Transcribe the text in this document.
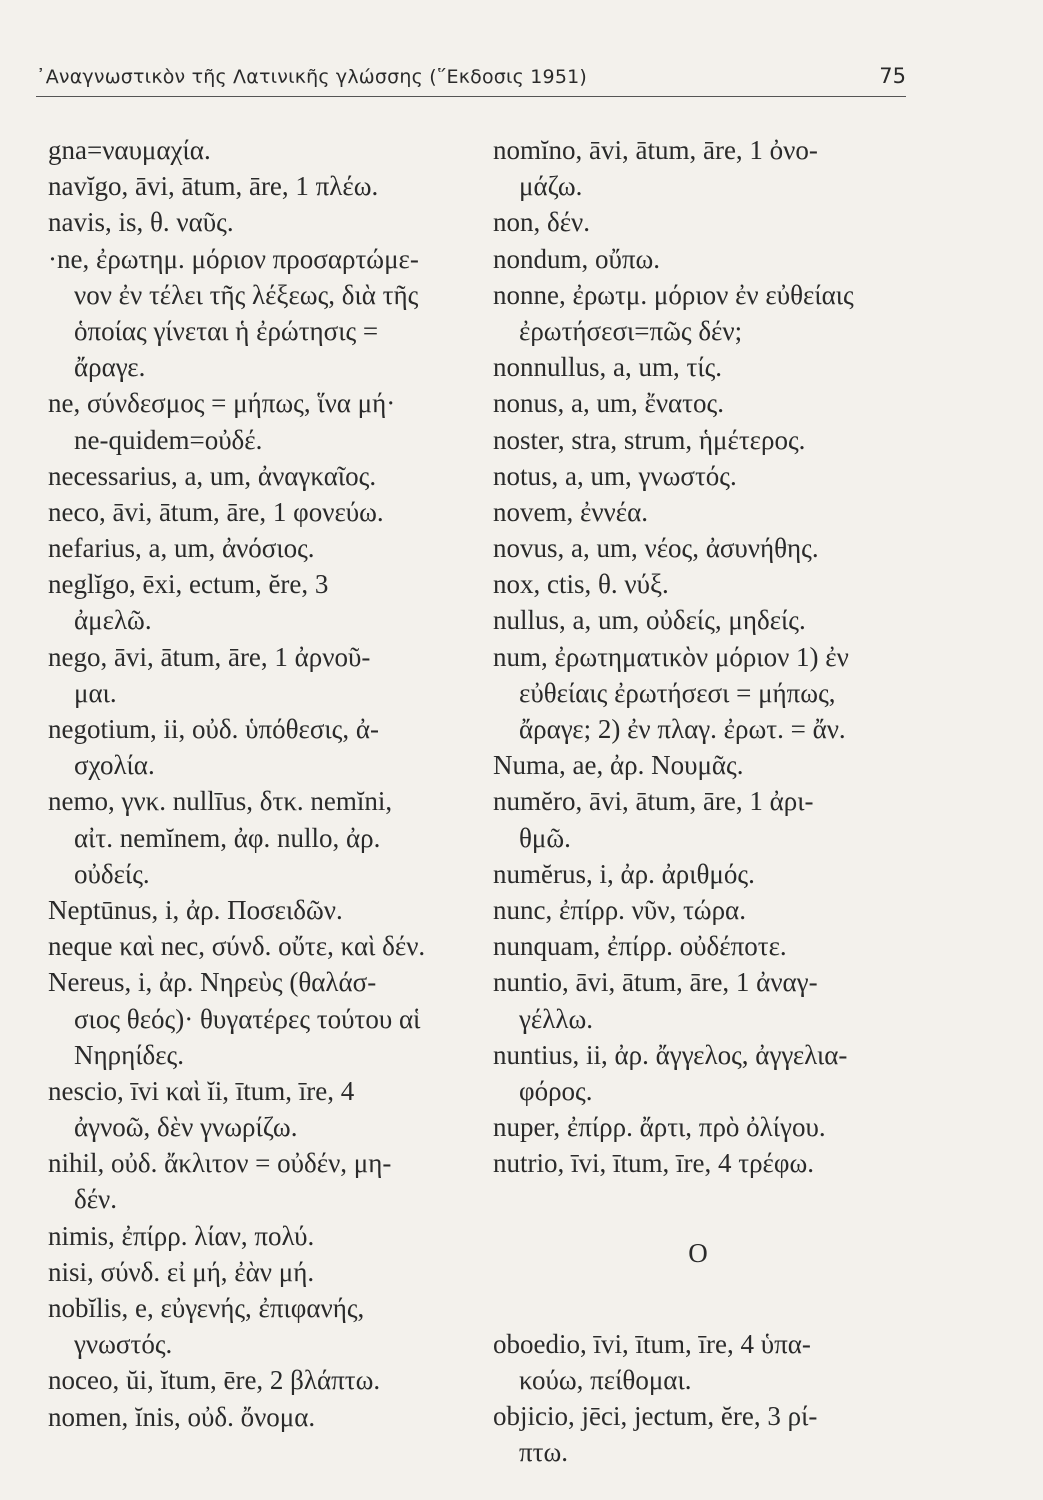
᾿Αναγνωστικὸν τῆς Λατινικῆς γλώσσης (῞Εκδοσις 1951)	75
gna=ναυμαχία.
navĭgo, āvi, ātum, āre, 1 πλέω.
navis, is, θ. ναῦς.
·ne, ἐρωτημ. μόριον προσαρτώμε-
νον ἐν τέλει τῆς λέξεως, διὰ τῆς
ὁποίας γίνεται ἡ ἐρώτησις =
ἄραγε.
ne, σύνδεσμος = μήπως, ἵνα μή·
ne-quidem=οὐδέ.
necessarius, a, um, ἀναγκαῖος.
neco, āvi, ātum, āre, 1 φονεύω.
nefarius, a, um, ἀνόσιος.
neglĭgo, ēxi, ectum, ĕre, 3
ἀμελῶ.
nego, āvi, ātum, āre, 1 ἀρνοῦ-
μαι.
negotium, ii, οὐδ. ὑπόθεσις, ἀ-
σχολία.
nemo, γνκ. nullīus, δτκ. nemĭni,
αἰτ. nemĭnem, ἀφ. nullo, ἀρ.
οὐδείς.
Neptūnus, i, ἀρ. Ποσειδῶν.
neque καὶ nec, σύνδ. οὔτε, καὶ δέν.
Nereus, i, ἀρ. Νηρεὺς (θαλάσ-
σιος θεός)· θυγατέρες τούτου αἱ
Νηρηίδες.
nescio, īvi καὶ ĭi, ītum, īre, 4
ἀγνοῶ, δὲν γνωρίζω.
nihil, οὐδ. ἄκλιτον = οὐδέν, μη-
δέν.
nimis, ἐπίρρ. λίαν, πολύ.
nisi, σύνδ. εἰ μή, ἐὰν μή.
nobĭlis, e, εὐγενής, ἐπιφανής,
γνωστός.
noceo, ŭi, ĭtum, ēre, 2 βλάπτω.
nomen, ĭnis, οὐδ. ὄνομα.
nomĭno, āvi, ātum, āre, 1 ὀνο-
μάζω.
non, δέν.
nondum, οὔπω.
nonne, ἐρωτμ. μόριον ἐν εὐθείαις
ἐρωτήσεσι=πῶς δέν;
nonnullus, a, um, τίς.
nonus, a, um, ἔνατος.
noster, stra, strum, ἡμέτερος.
notus, a, um, γνωστός.
novem, ἐννέα.
novus, a, um, νέος, ἀσυνήθης.
nox, ctis, θ. νύξ.
nullus, a, um, οὐδείς, μηδείς.
num, ἐρωτηματικὸν μόριον 1) ἐν
εὐθείαις ἐρωτήσεσι = μήπως,
ἄραγε; 2) ἐν πλαγ. ἐρωτ. = ἄν.
Numa, ae, ἀρ. Νουμᾶς.
numĕro, āvi, ātum, āre, 1 ἀρι-
θμῶ.
numĕrus, i, ἀρ. ἀριθμός.
nunc, ἐπίρρ. νῦν, τώρα.
nunquam, ἐπίρρ. οὐδέποτε.
nuntio, āvi, ātum, āre, 1 ἀναγ-
γέλλω.
nuntius, ii, ἀρ. ἄγγελος, ἀγγελια-
φόρος.
nuper, ἐπίρρ. ἄρτι, πρὸ ὀλίγου.
nutrio, īvi, ītum, īre, 4 τρέφω.
O
oboedio, īvi, ītum, īre, 4 ὑπα-
κούω, πείθομαι.
objicio, jēci, jectum, ĕre, 3 ρί-
πτω.
